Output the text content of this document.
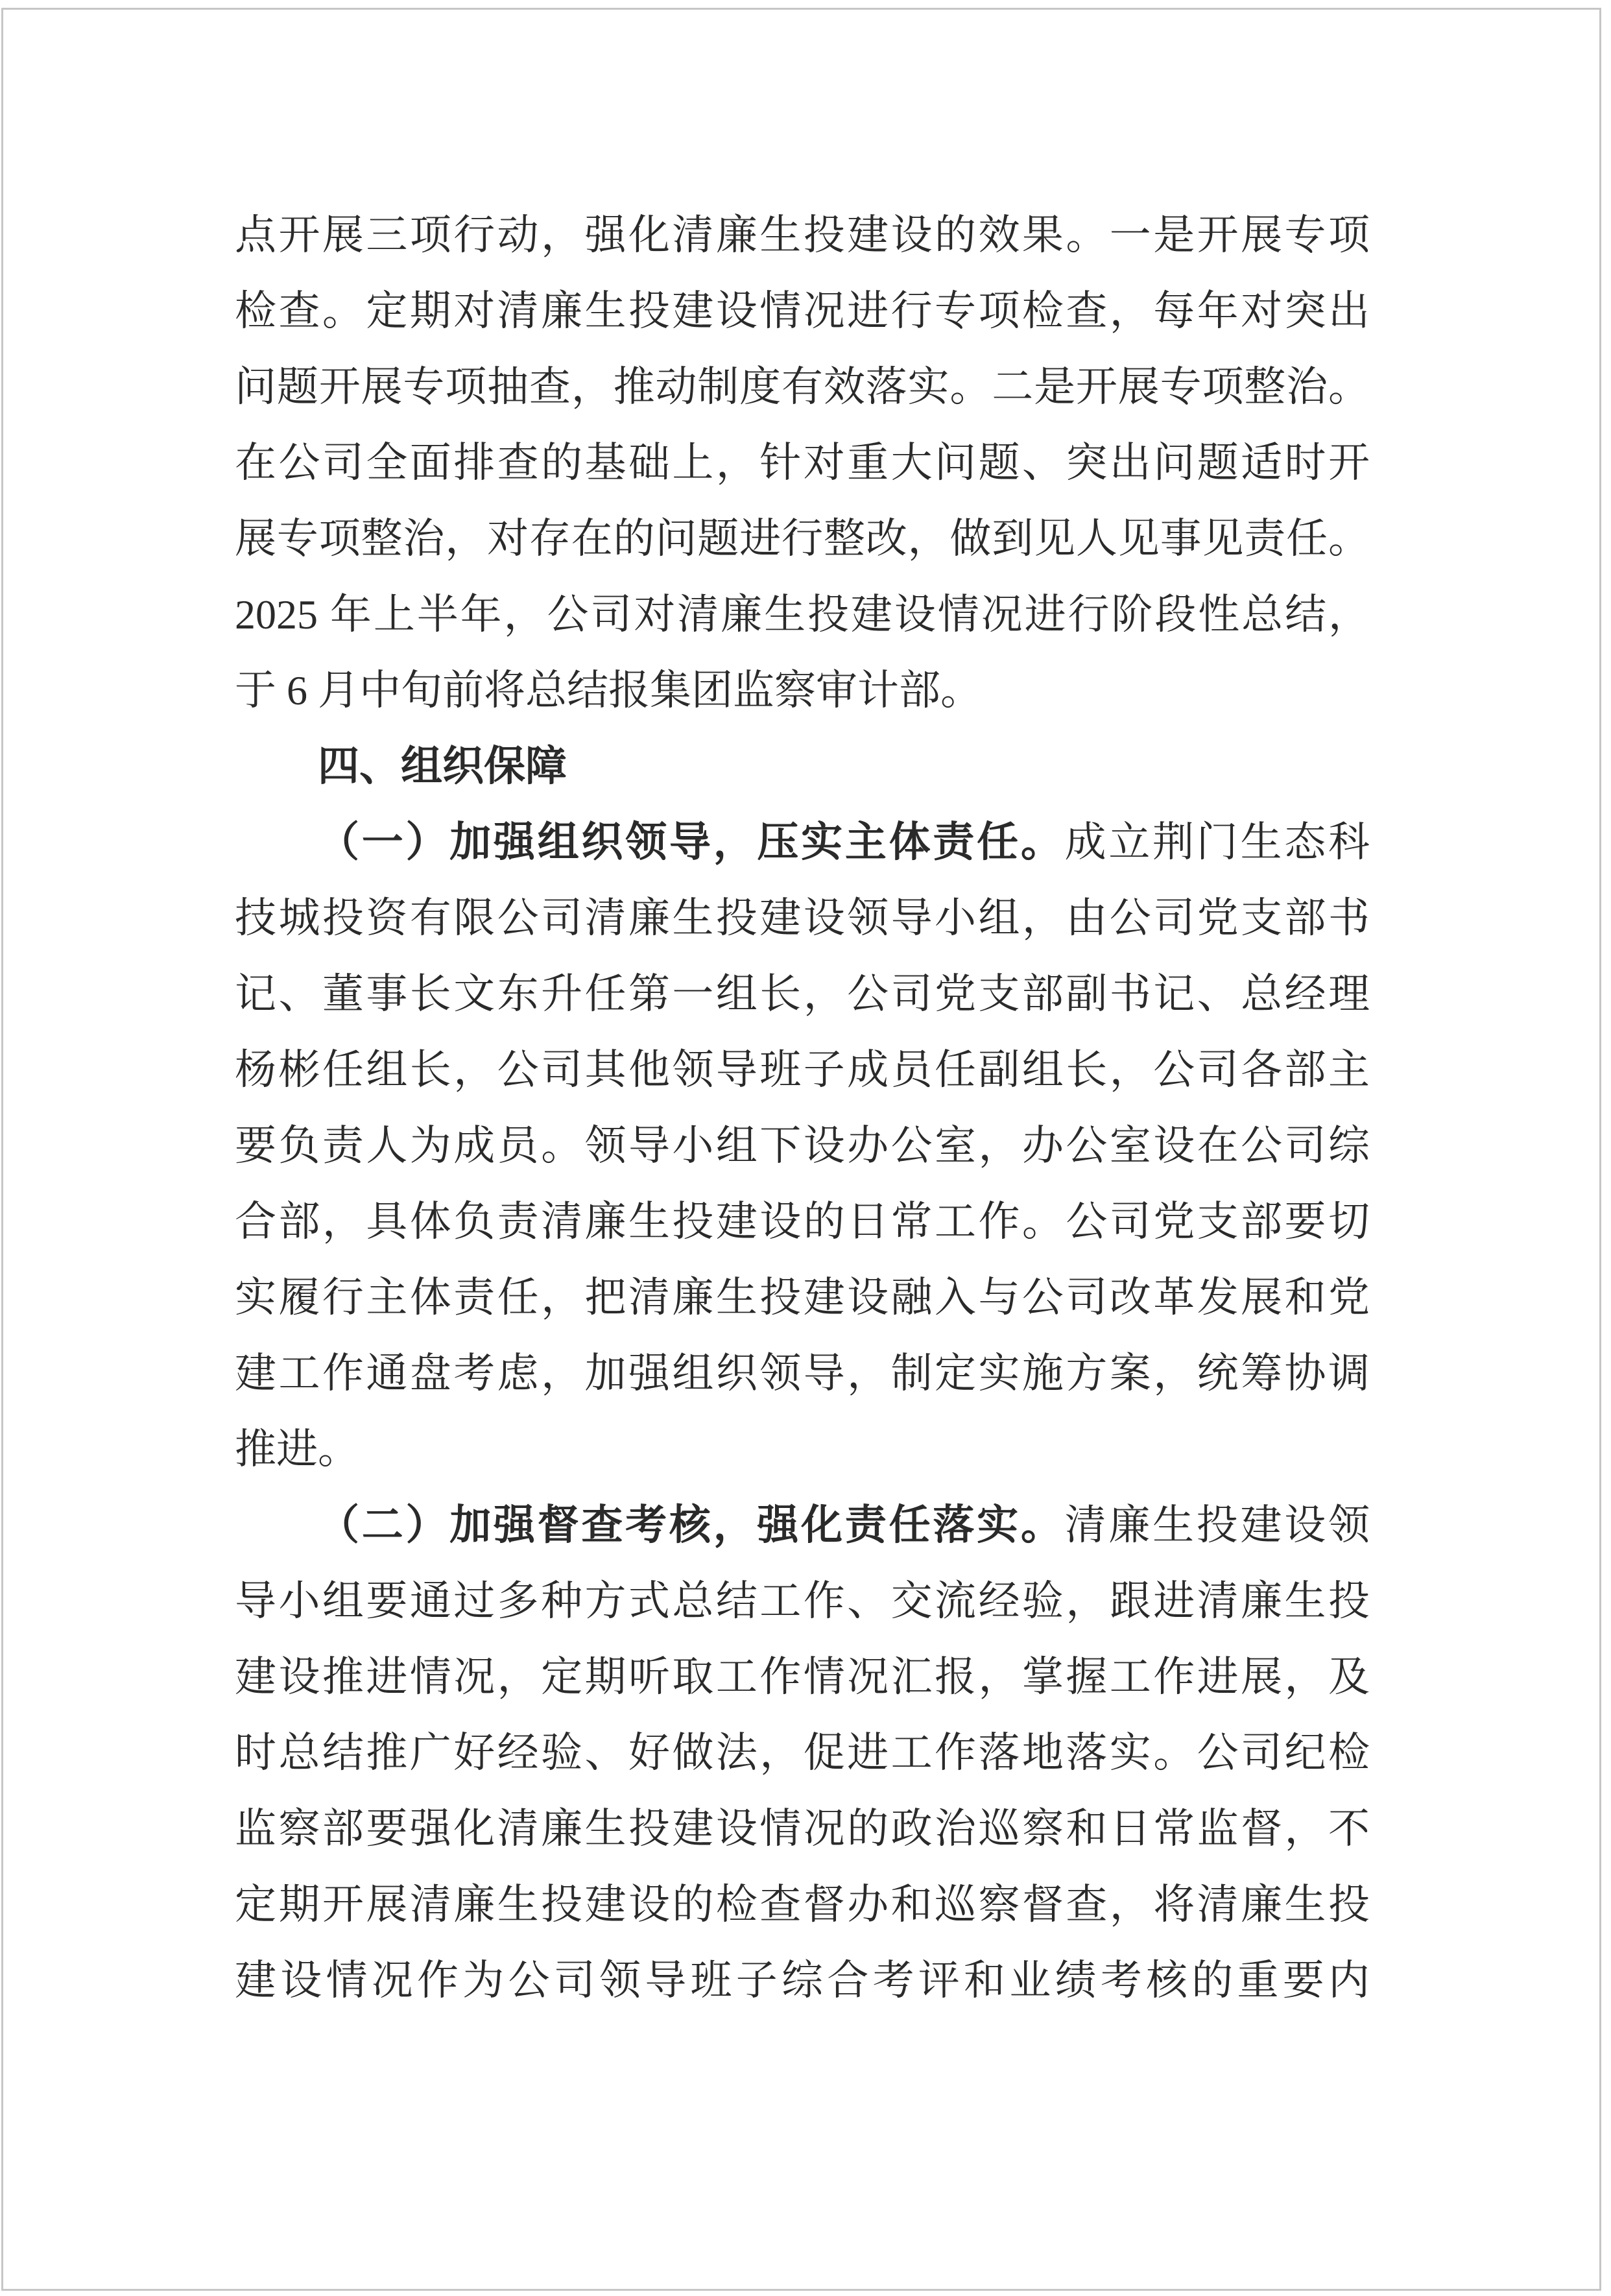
点开展三项行动，强化清廉生投建设的效果。一是开展专项
检查。定期对清廉生投建设情况进行专项检查，每年对突出
问题开展专项抽查，推动制度有效落实。二是开展专项整治。
在公司全面排查的基础上，针对重大问题、突出问题适时开
展专项整治，对存在的问题进行整改，做到见人见事见责任。
2025 年上半年，公司对清廉生投建设情况进行阶段性总结，
于 6 月中旬前将总结报集团监察审计部。
四、组织保障
（一）加强组织领导，压实主体责任。成立荆门生态科
技城投资有限公司清廉生投建设领导小组，由公司党支部书
记、董事长文东升任第一组长，公司党支部副书记、总经理
杨彬任组长，公司其他领导班子成员任副组长，公司各部主
要负责人为成员。领导小组下设办公室，办公室设在公司综
合部，具体负责清廉生投建设的日常工作。公司党支部要切
实履行主体责任，把清廉生投建设融入与公司改革发展和党
建工作通盘考虑，加强组织领导，制定实施方案，统筹协调
推进。
（二）加强督查考核，强化责任落实。清廉生投建设领
导小组要通过多种方式总结工作、交流经验，跟进清廉生投
建设推进情况，定期听取工作情况汇报，掌握工作进展，及
时总结推广好经验、好做法，促进工作落地落实。公司纪检
监察部要强化清廉生投建设情况的政治巡察和日常监督，不
定期开展清廉生投建设的检查督办和巡察督查，将清廉生投
建设情况作为公司领导班子综合考评和业绩考核的重要内
